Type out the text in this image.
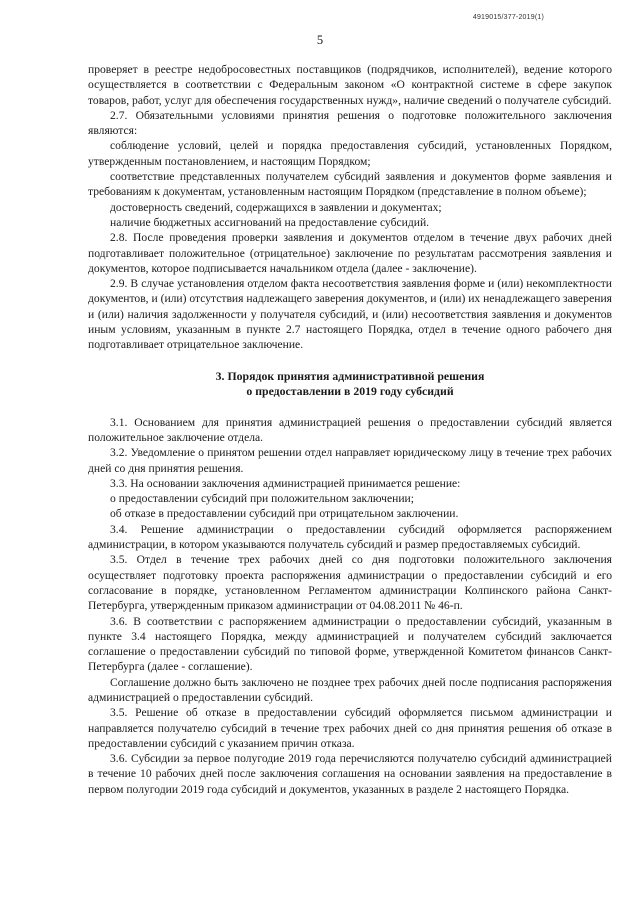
4919015/377-2019(1)
5

проверяет в реестре недобросовестных поставщиков (подрядчиков, исполнителей), ведение которого осуществляется в соответствии с Федеральным законом «О контрактной системе в сфере закупок товаров, работ, услуг для обеспечения государственных нужд», наличие сведений о получателе субсидий.

2.7. Обязательными условиями принятия решения о подготовке положительного заключения являются:

соблюдение условий, целей и порядка предоставления субсидий, установленных Порядком, утвержденным постановлением, и настоящим Порядком;

соответствие представленных получателем субсидий заявления и документов форме заявления и требованиям к документам, установленным настоящим Порядком (представление в полном объеме);

достоверность сведений, содержащихся в заявлении и документах;

наличие бюджетных ассигнований на предоставление субсидий.

2.8. После проведения проверки заявления и документов отделом в течение двух рабочих дней подготавливает положительное (отрицательное) заключение по результатам рассмотрения заявления и документов, которое подписывается начальником отдела (далее - заключение).

2.9. В случае установления отделом факта несоответствия заявления форме и (или) некомплектности документов, и (или) отсутствия надлежащего заверения документов, и (или) их ненадлежащего заверения и (или) наличия задолженности у получателя субсидий, и (или) несоответствия заявления и документов иным условиям, указанным в пункте 2.7 настоящего Порядка, отдел в течение одного рабочего дня подготавливает отрицательное заключение.

3. Порядок принятия административной решения
о предоставлении в 2019 году субсидий

3.1. Основанием для принятия администрацией решения о предоставлении субсидий является положительное заключение отдела.

3.2. Уведомление о принятом решении отдел направляет юридическому лицу в течение трех рабочих дней со дня принятия решения.

3.3. На основании заключения администрацией принимается решение:

о предоставлении субсидий при положительном заключении;

об отказе в предоставлении субсидий при отрицательном заключении.

3.4. Решение администрации о предоставлении субсидий оформляется распоряжением администрации, в котором указываются получатель субсидий и размер предоставляемых субсидий.

3.5. Отдел в течение трех рабочих дней со дня подготовки положительного заключения осуществляет подготовку проекта распоряжения администрации о предоставлении субсидий и его согласование в порядке, установленном Регламентом администрации Колпинского района Санкт-Петербурга, утвержденным приказом администрации от 04.08.2011 № 46-п.

3.6. В соответствии с распоряжением администрации о предоставлении субсидий, указанным в пункте 3.4 настоящего Порядка, между администрацией и получателем субсидий заключается соглашение о предоставлении субсидий по типовой форме, утвержденной Комитетом финансов Санкт-Петербурга (далее - соглашение).

Соглашение должно быть заключено не позднее трех рабочих дней после подписания распоряжения администрацией о предоставлении субсидий.

3.5. Решение об отказе в предоставлении субсидий оформляется письмом администрации и направляется получателю субсидий в течение трех рабочих дней со дня принятия решения об отказе в предоставлении субсидий с указанием причин отказа.

3.6. Субсидии за первое полугодие 2019 года перечисляются получателю субсидий администрацией в течение 10 рабочих дней после заключения соглашения на основании заявления на предоставление в первом полугодии 2019 года субсидий и документов, указанных в разделе 2 настоящего Порядка.
